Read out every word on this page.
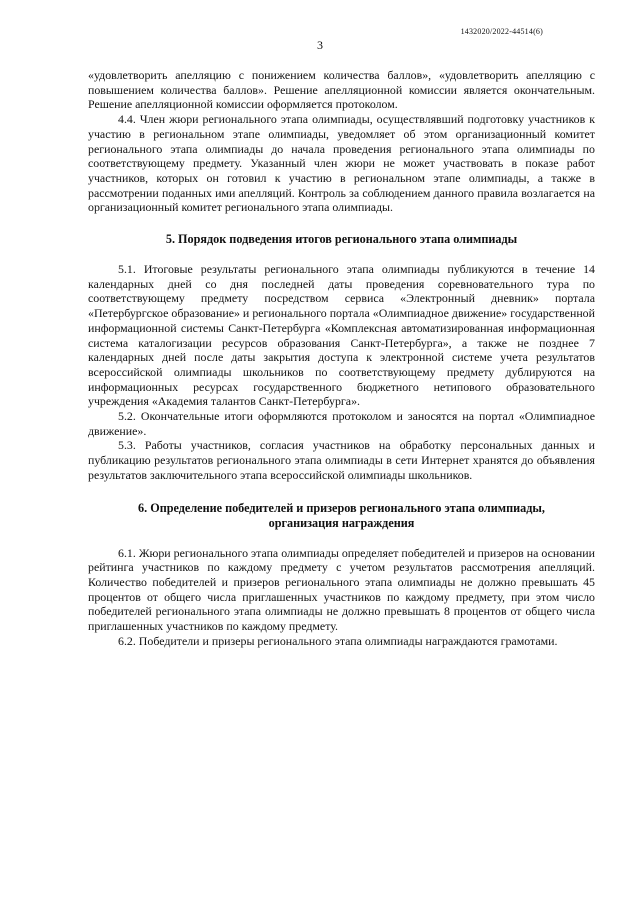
1432020/2022-44514(6)
3

«удовлетворить апелляцию с понижением количества баллов», «удовлетворить апелляцию с повышением количества баллов». Решение апелляционной комиссии является окончательным. Решение апелляционной комиссии оформляется протоколом.

4.4. Член жюри регионального этапа олимпиады, осуществлявший подготовку участников к участию в региональном этапе олимпиады, уведомляет об этом организационный комитет регионального этапа олимпиады до начала проведения регионального этапа олимпиады по соответствующему предмету. Указанный член жюри не может участвовать в показе работ участников, которых он готовил к участию в региональном этапе олимпиады, а также в рассмотрении поданных ими апелляций. Контроль за соблюдением данного правила возлагается на организационный комитет регионального этапа олимпиады.

5. Порядок подведения итогов регионального этапа олимпиады

5.1. Итоговые результаты регионального этапа олимпиады публикуются в течение 14 календарных дней со дня последней даты проведения соревновательного тура по соответствующему предмету посредством сервиса «Электронный дневник» портала «Петербургское образование» и регионального портала «Олимпиадное движение» государственной информационной системы Санкт-Петербурга «Комплексная автоматизированная информационная система каталогизации ресурсов образования Санкт-Петербурга», а также не позднее 7 календарных дней после даты закрытия доступа к электронной системе учета результатов всероссийской олимпиады школьников по соответствующему предмету дублируются на информационных ресурсах государственного бюджетного нетипового образовательного учреждения «Академия талантов Санкт-Петербурга».

5.2. Окончательные итоги оформляются протоколом и заносятся на портал «Олимпиадное движение».

5.3. Работы участников, согласия участников на обработку персональных данных и публикацию результатов регионального этапа олимпиады в сети Интернет хранятся до объявления результатов заключительного этапа всероссийской олимпиады школьников.

6. Определение победителей и призеров регионального этапа олимпиады,
организация награждения

6.1. Жюри регионального этапа олимпиады определяет победителей и призеров на основании рейтинга участников по каждому предмету с учетом результатов рассмотрения апелляций. Количество победителей и призеров регионального этапа олимпиады не должно превышать 45 процентов от общего числа приглашенных участников по каждому предмету, при этом число победителей регионального этапа олимпиады не должно превышать 8 процентов от общего числа приглашенных участников по каждому предмету.

6.2. Победители и призеры регионального этапа олимпиады награждаются грамотами.
